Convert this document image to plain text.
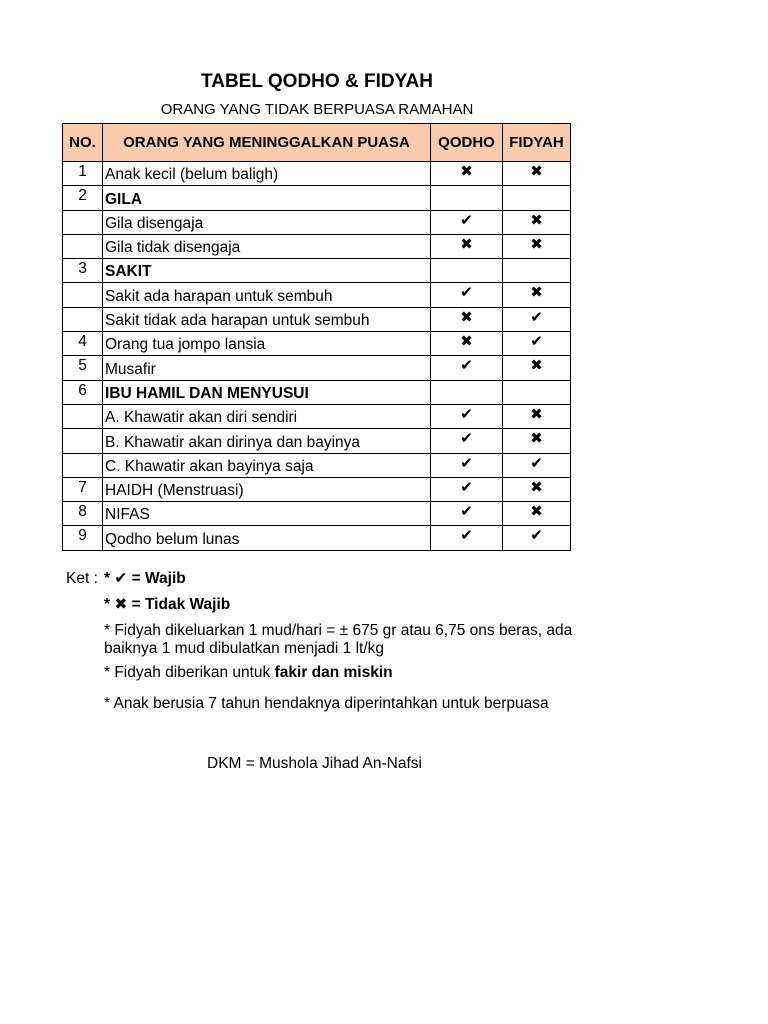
TABEL QODHO & FIDYAH
ORANG YANG TIDAK BERPUASA RAMAHAN
NO.	ORANG YANG MENINGGALKAN PUASA	QODHO	FIDYAH
1	Anak kecil (belum baligh)	✖	✖
2	GILA		
	Gila disengaja	✔	✖
	Gila tidak disengaja	✖	✖
3	SAKIT		
	Sakit ada harapan untuk sembuh	✔	✖
	Sakit tidak ada harapan untuk sembuh	✖	✔
4	Orang tua jompo lansia	✖	✔
5	Musafir	✔	✖
6	IBU HAMIL DAN MENYUSUI		
	A. Khawatir akan diri sendiri	✔	✖
	B. Khawatir akan dirinya dan bayinya	✔	✖
	C. Khawatir akan bayinya saja	✔	✔
7	HAIDH (Menstruasi)	✔	✖
8	NIFAS	✔	✖
9	Qodho belum lunas	✔	✔
Ket : * ✔ = Wajib
* ✖ = Tidak Wajib
* Fidyah dikeluarkan 1 mud/hari = ± 675 gr atau 6,75 ons beras, ada baiknya 1 mud dibulatkan menjadi 1 lt/kg
* Fidyah diberikan untuk fakir dan miskin
* Anak berusia 7 tahun hendaknya diperintahkan untuk berpuasa
DKM = Mushola Jihad An-Nafsi
